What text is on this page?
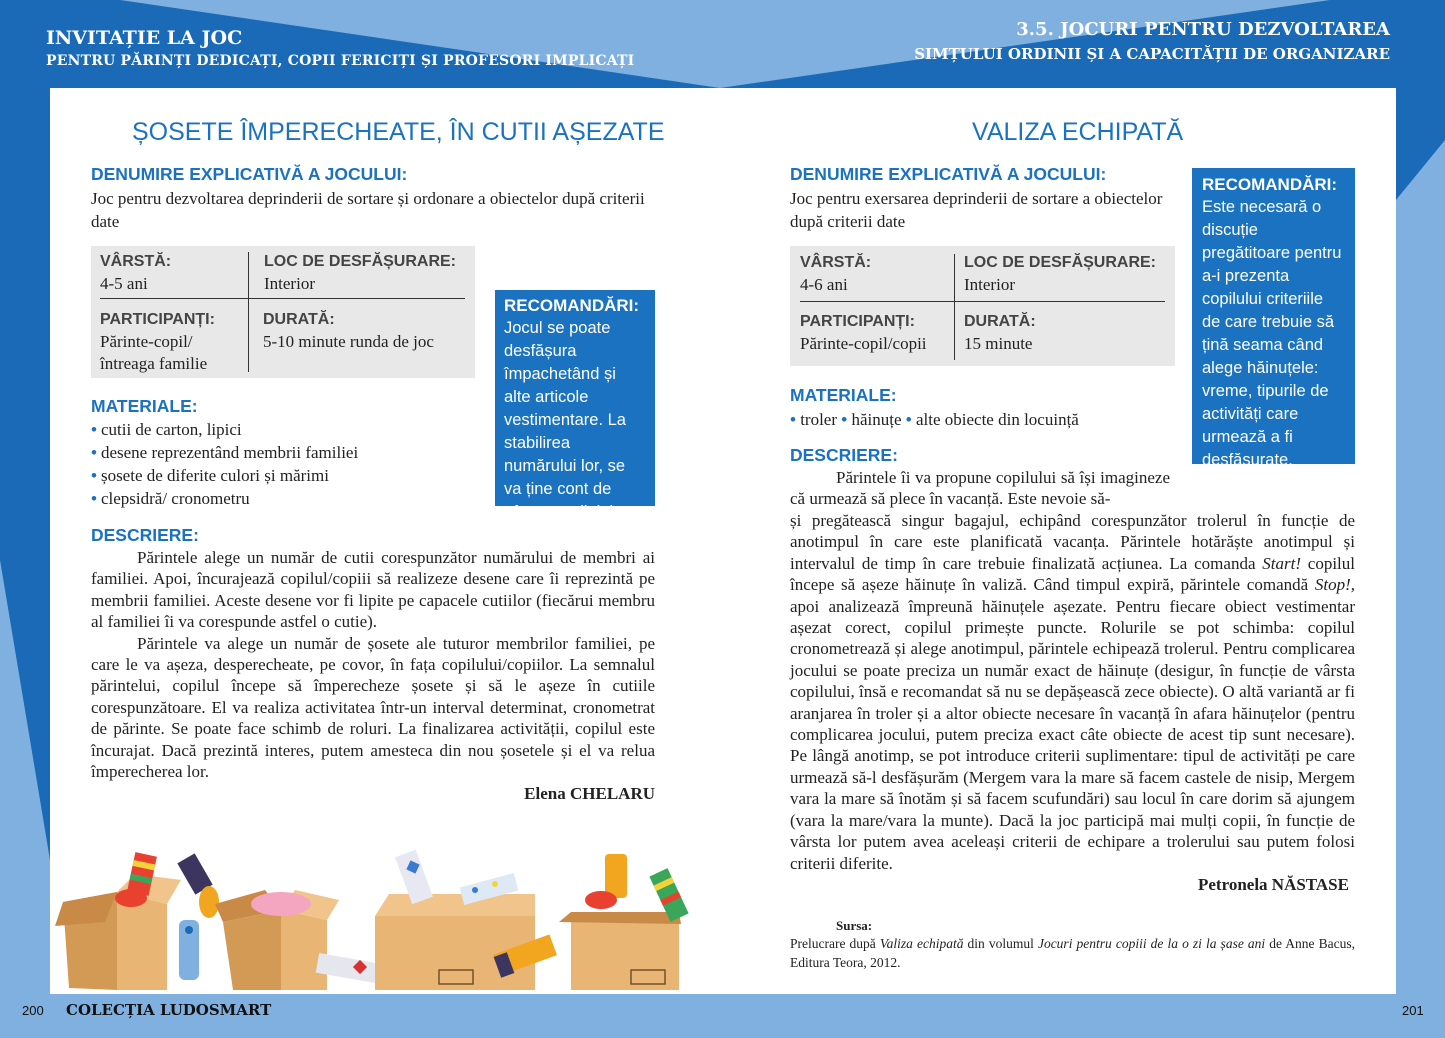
INVITAȚIE LA JOC
PENTRU PĂRINȚI DEDICAȚI, COPII FERICIȚI ȘI PROFESORI IMPLICAȚI
3.5. JOCURI PENTRU DEZVOLTAREA
SIMȚULUI ORDINII ȘI A CAPACITĂȚII DE ORGANIZARE
ȘOSETE ÎMPERECHEATE, ÎN CUTII AȘEZATE
DENUMIRE EXPLICATIVĂ A JOCULUI:
Joc pentru dezvoltarea deprinderii de sortare și ordonare a obiectelor după criterii date
VÂRSTĂ:
4-5 ani
LOC DE DESFĂȘURARE:
Interior
PARTICIPANȚI:
Părinte-copil/ întreaga familie
DURATĂ:
5-10 minute runda de joc
RECOMANDĂRI:
Jocul se poate desfășura împachetând și alte articole vestimentare. La stabilirea numărului lor, se va ține cont de vârsta copilului.
MATERIALE:
• cutii de carton, lipici
• desene reprezentând membrii familiei
• șosete de diferite culori și mărimi
• clepsidră/ cronometru
DESCRIERE:

Părintele alege un număr de cutii corespunzător numărului de membri ai familiei. Apoi, încurajează copilul/copiii să realizeze desene care îi reprezintă pe membrii familiei. Aceste desene vor fi lipite pe capacele cutiilor (fiecărui membru al familiei îi va corespunde astfel o cutie).

Părintele va alege un număr de șosete ale tuturor membrilor familiei, pe care le va așeza, desperecheate, pe covor, în fața copilului/copiilor. La semnalul părintelui, copilul începe să împerecheze șosete și să le așeze în cutiile corespunzătoare. El va realiza activitatea într-un interval determinat, cronometrat de părinte. Se poate face schimb de roluri. La finalizarea activității, copilul este încurajat. Dacă prezintă interes, putem amesteca din nou șosetele și el va relua împerecherea lor.

Elena CHELARU
VALIZA ECHIPATĂ
DENUMIRE EXPLICATIVĂ A JOCULUI:
Joc pentru exersarea deprinderii de sortare a obiectelor după criterii date
VÂRSTĂ:
4-6 ani
LOC DE DESFĂȘURARE:
Interior
PARTICIPANȚI:
Părinte-copil/copii
DURATĂ:
15 minute
RECOMANDĂRI:
Este necesară o discuție pregătitoare pentru a-i prezenta copilului criteriile de care trebuie să țină seama când alege hăinuțele: vreme, tipurile de activități care urmează a fi desfășurate.
MATERIALE:
• troler • hăinuțe • alte obiecte din locuință
DESCRIERE:

Părintele îi va propune copilului să își imagineze că urmează să plece în vacanță. Este nevoie să-

și pregătească singur bagajul, echipând corespunzător trolerul în funcție de anotimpul în care este planificată vacanța. Părintele hotărăște anotimpul și intervalul de timp în care trebuie finalizată acțiunea. La comanda Start! copilul începe să așeze hăinuțe în valiză. Când timpul expiră, părintele comandă Stop!, apoi analizează împreună hăinuțele așezate. Pentru fiecare obiect vestimentar așezat corect, copilul primește puncte. Rolurile se pot schimba: copilul cronometrează și alege anotimpul, părintele echipează trolerul. Pentru complicarea jocului se poate preciza un număr exact de hăinuțe (desigur, în funcție de vârsta copilului, însă e recomandat să nu se depășească zece obiecte). O altă variantă ar fi aranjarea în troler și a altor obiecte necesare în vacanță în afara hăinuțelor (pentru complicarea jocului, putem preciza exact câte obiecte de acest tip sunt necesare). Pe lângă anotimp, se pot introduce criterii suplimentare: tipul de activități pe care urmează să-l desfășurăm (Mergem vara la mare să facem castele de nisip, Mergem vara la mare să înotăm și să facem scufundări) sau locul în care dorim să ajungem (vara la mare/vara la munte). Dacă la joc participă mai mulți copii, în funcție de vârsta lor putem avea aceleași criterii de echipare a trolerului sau putem folosi criterii diferite.
Petronela NĂSTASE
Sursa:
Prelucrare după Valiza echipată din volumul Jocuri pentru copiii de la o zi la șase ani de Anne Bacus, Editura Teora, 2012.
200 COLECȚIA LUDOSMART	201
